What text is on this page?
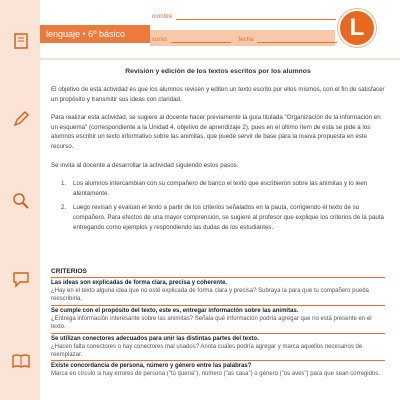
lenguaje • 6º básico
nombre
curso	fecha	L
Revisión y edición de los textos escritos por los alumnos

El objetivo de esta actividad es que los alumnos revisen y editen un texto escrito por ellos mismos, con el fin de satisfacer un propósito y transmitir sus ideas con claridad.

Para realizar esta actividad, se sugiere al docente hacer previamente la guía titulada "Organización de la información en un esquema" (correspondiente a la Unidad 4, objetivo de aprendizaje 2), pues en el último ítem de esta se pide a los alumnos escribir un texto informativo sobre las animitas, que puede servir de base para la nueva propuesta en este recurso.

Se invita al docente a desarrollar la actividad siguiendo estos pasos.

1.	Los alumnos intercambian con su compañero de banco el texto que escribieron sobre las animitas y lo leen atentamente.
2.	Luego revisan y evalúan el texto a partir de los criterios señalados en la pauta, corrigiendo el texto de su compañero. Para efectos de una mayor comprensión, se sugiere al profesor que explique los criterios de la pauta entregando como ejemplos y respondiendo las dudas de los estudiantes.
CRITERIOS
Las ideas son explicadas de forma clara, precisa y coherente.
¿Hay en el texto alguna idea que no esté explicada de forma clara y precisa? Subraya la para que tu compañero pueda reescribirla.
Se cumple con el propósito del texto, este es, entregar información sobre las animitas.
¿Entrega información interesante sobre las animitas? Señala qué información podría agregar que no está presente en el texto.
Se utilizan conectores adecuados para unir las distintas partes del texto.
¿Hacen falta conectores o hay conectores mal usados? Anota cuáles podría agregar y marca aquellos necesarios de reemplazar.
Existe concordancia de persona, número y género entre las palabras?
Marca en círculo si hay errores de persona ("tú queria"), número ("as casa") o género ("os aves") para que sean corregidos.
